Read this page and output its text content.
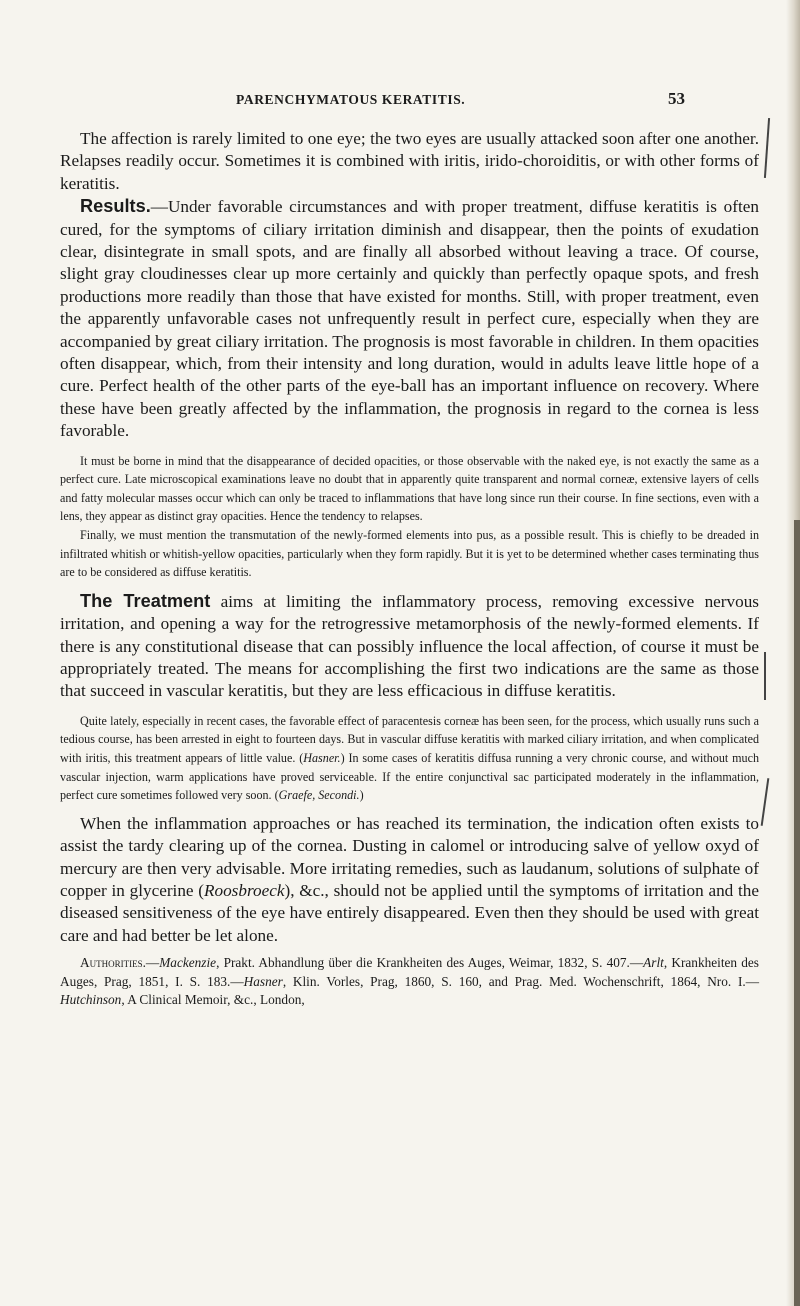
PARENCHYMATOUS KERATITIS.	53

The affection is rarely limited to one eye; the two eyes are usually attacked soon after one another. Relapses readily occur. Sometimes it is combined with iritis, irido-choroiditis, or with other forms of keratitis.

Results.—Under favorable circumstances and with proper treatment, diffuse keratitis is often cured, for the symptoms of ciliary irritation diminish and disappear, then the points of exudation clear, disintegrate in small spots, and are finally all absorbed without leaving a trace. Of course, slight gray cloudinesses clear up more certainly and quickly than perfectly opaque spots, and fresh productions more readily than those that have existed for months. Still, with proper treatment, even the apparently unfavorable cases not unfrequently result in perfect cure, especially when they are accompanied by great ciliary irritation. The prognosis is most favorable in children. In them opacities often disappear, which, from their intensity and long duration, would in adults leave little hope of a cure. Perfect health of the other parts of the eye-ball has an important influence on recovery. Where these have been greatly affected by the inflammation, the prognosis in regard to the cornea is less favorable.

It must be borne in mind that the disappearance of decided opacities, or those observable with the naked eye, is not exactly the same as a perfect cure. Late microscopical examinations leave no doubt that in apparently quite transparent and normal corneæ, extensive layers of cells and fatty molecular masses occur which can only be traced to inflammations that have long since run their course. In fine sections, even with a lens, they appear as distinct gray opacities. Hence the tendency to relapses.

Finally, we must mention the transmutation of the newly-formed elements into pus, as a possible result. This is chiefly to be dreaded in infiltrated whitish or whitish-yellow opacities, particularly when they form rapidly. But it is yet to be determined whether cases terminating thus are to be considered as diffuse keratitis.

The Treatment aims at limiting the inflammatory process, removing excessive nervous irritation, and opening a way for the retrogressive metamorphosis of the newly-formed elements. If there is any constitutional disease that can possibly influence the local affection, of course it must be appropriately treated. The means for accomplishing the first two indications are the same as those that succeed in vascular keratitis, but they are less efficacious in diffuse keratitis.

Quite lately, especially in recent cases, the favorable effect of paracentesis corneæ has been seen, for the process, which usually runs such a tedious course, has been arrested in eight to fourteen days. But in vascular diffuse keratitis with marked ciliary irritation, and when complicated with iritis, this treatment appears of little value. (Hasner.) In some cases of keratitis diffusa running a very chronic course, and without much vascular injection, warm applications have proved serviceable. If the entire conjunctival sac participated moderately in the inflammation, perfect cure sometimes followed very soon. (Graefe, Secondi.)

When the inflammation approaches or has reached its termination, the indication often exists to assist the tardy clearing up of the cornea. Dusting in calomel or introducing salve of yellow oxyd of mercury are then very advisable. More irritating remedies, such as laudanum, solutions of sulphate of copper in glycerine (Roosbroeck), &c., should not be applied until the symptoms of irritation and the diseased sensitiveness of the eye have entirely disappeared. Even then they should be used with great care and had better be let alone.

Authorities.—Mackenzie, Prakt. Abhandlung über die Krankheiten des Auges, Weimar, 1832, S. 407.—Arlt, Krankheiten des Auges, Prag, 1851, I. S. 183.—Hasner, Klin. Vorles, Prag, 1860, S. 160, and Prag. Med. Wochenschrift, 1864, Nro. I.—Hutchinson, A Clinical Memoir, &c., London,
